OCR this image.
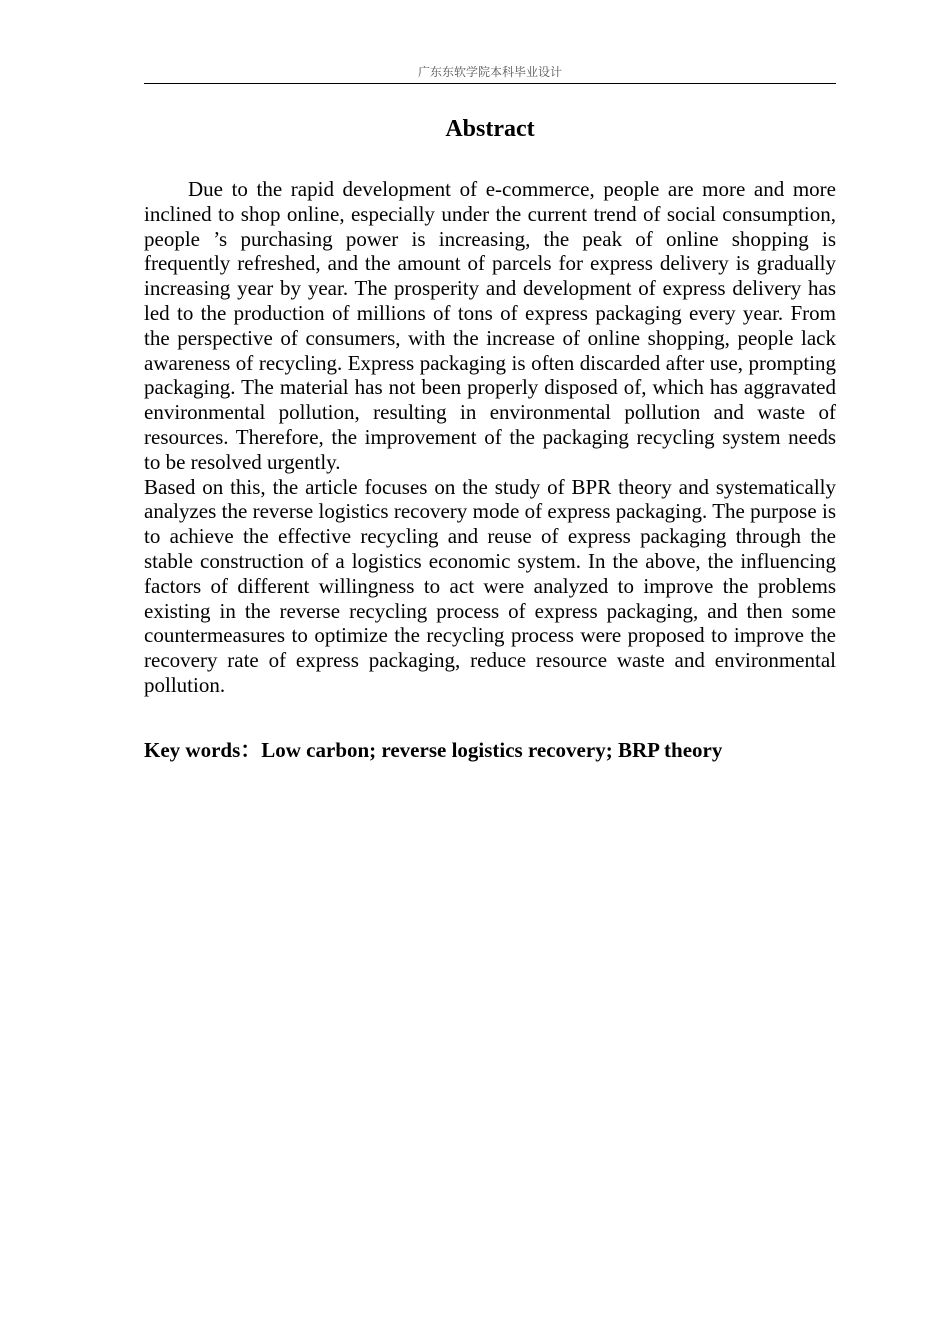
广东东软学院本科毕业设计
Abstract

Due to the rapid development of e-commerce, people are more and more inclined to shop online, especially under the current trend of social consumption, people ’s purchasing power is increasing, the peak of online shopping is frequently refreshed, and the amount of parcels for express delivery is gradually increasing year by year. The prosperity and development of express delivery has led to the production of millions of tons of express packaging every year. From the perspective of consumers, with the increase of online shopping, people lack awareness of recycling. Express packaging is often discarded after use, prompting packaging. The material has not been properly disposed of, which has aggravated environmental pollution, resulting in environmental pollution and waste of resources. Therefore, the improvement of the packaging recycling system needs to be resolved urgently.

Based on this, the article focuses on the study of BPR theory and systematically analyzes the reverse logistics recovery mode of express packaging. The purpose is to achieve the effective recycling and reuse of express packaging through the stable construction of a logistics economic system. In the above, the influencing factors of different willingness to act were analyzed to improve the problems existing in the reverse recycling process of express packaging, and then some countermeasures to optimize the recycling process were proposed to improve the recovery rate of express packaging, reduce resource waste and environmental pollution.

Key words：Low carbon; reverse logistics recovery; BRP theory
